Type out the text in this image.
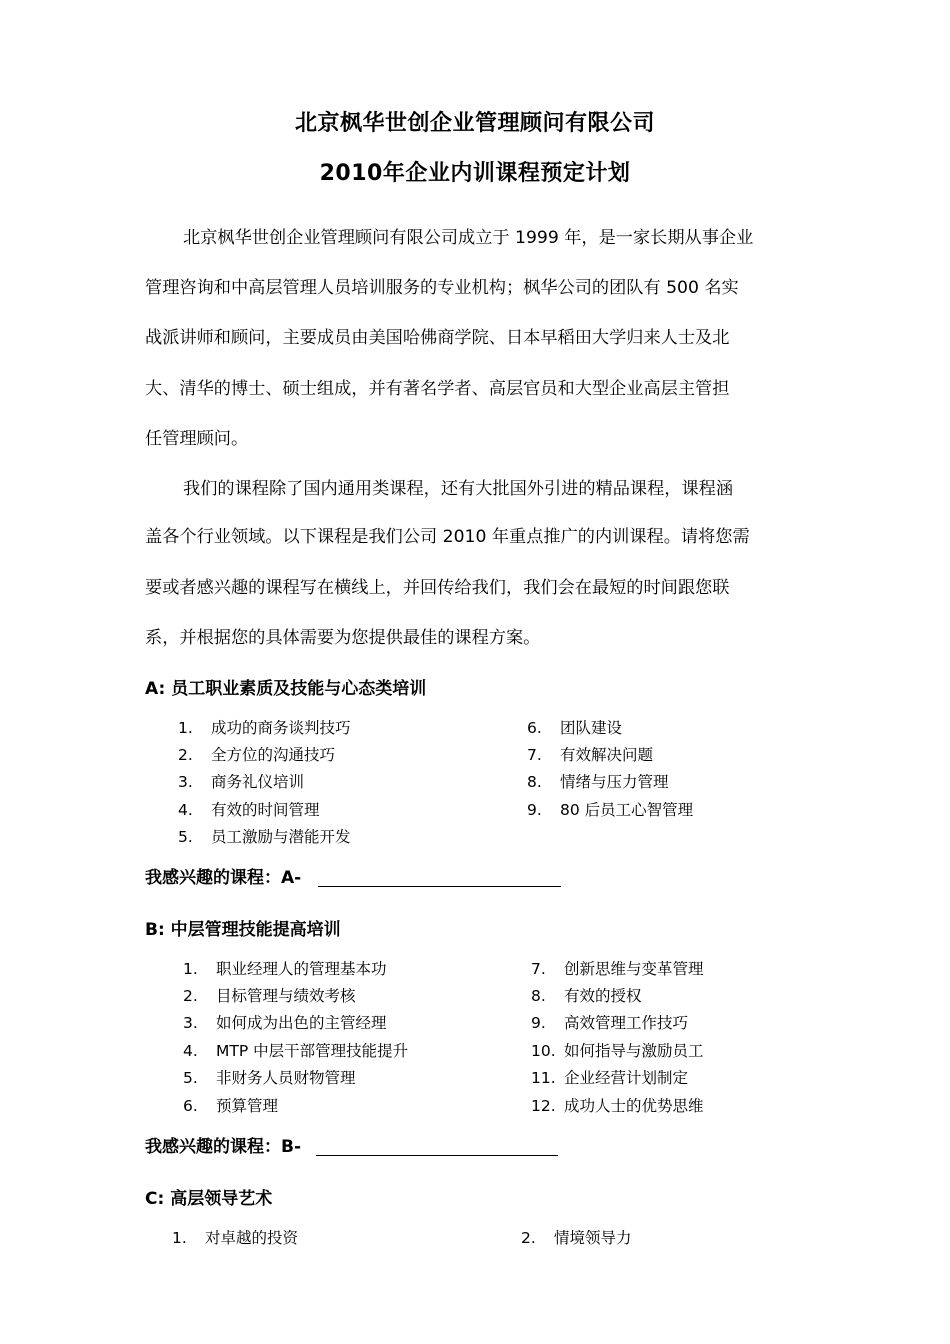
北京枫华世创企业管理顾问有限公司
2010年企业内训课程预定计划
北京枫华世创企业管理顾问有限公司成立于 1999 年，是一家长期从事企业
管理咨询和中高层管理人员培训服务的专业机构；枫华公司的团队有 500 名实
战派讲师和顾问，主要成员由美国哈佛商学院、日本早稻田大学归来人士及北
大、清华的博士、硕士组成，并有著名学者、高层官员和大型企业高层主管担
任管理顾问。
我们的课程除了国内通用类课程，还有大批国外引进的精品课程，课程涵
盖各个行业领域。以下课程是我们公司 2010 年重点推广的内训课程。请将您需
要或者感兴趣的课程写在横线上，并回传给我们，我们会在最短的时间跟您联
系，并根据您的具体需要为您提供最佳的课程方案。
A: 员工职业素质及技能与心态类培训
1.	成功的商务谈判技巧
2.	全方位的沟通技巧
3.	商务礼仪培训
4.	有效的时间管理
5.	员工激励与潜能开发
6.	团队建设
7.	有效解决问题
8.	情绪与压力管理
9.	80 后员工心智管理
我感兴趣的课程：A-
B: 中层管理技能提高培训
1.	职业经理人的管理基本功
2.	目标管理与绩效考核
3.	如何成为出色的主管经理
4.	MTP 中层干部管理技能提升
5.	非财务人员财物管理
6.	预算管理
7.	创新思维与变革管理
8.	有效的授权
9.	高效管理工作技巧
10. 如何指导与激励员工
11. 企业经营计划制定
12. 成功人士的优势思维
我感兴趣的课程：B-
C: 高层领导艺术
1.	对卓越的投资	2.	情境领导力
